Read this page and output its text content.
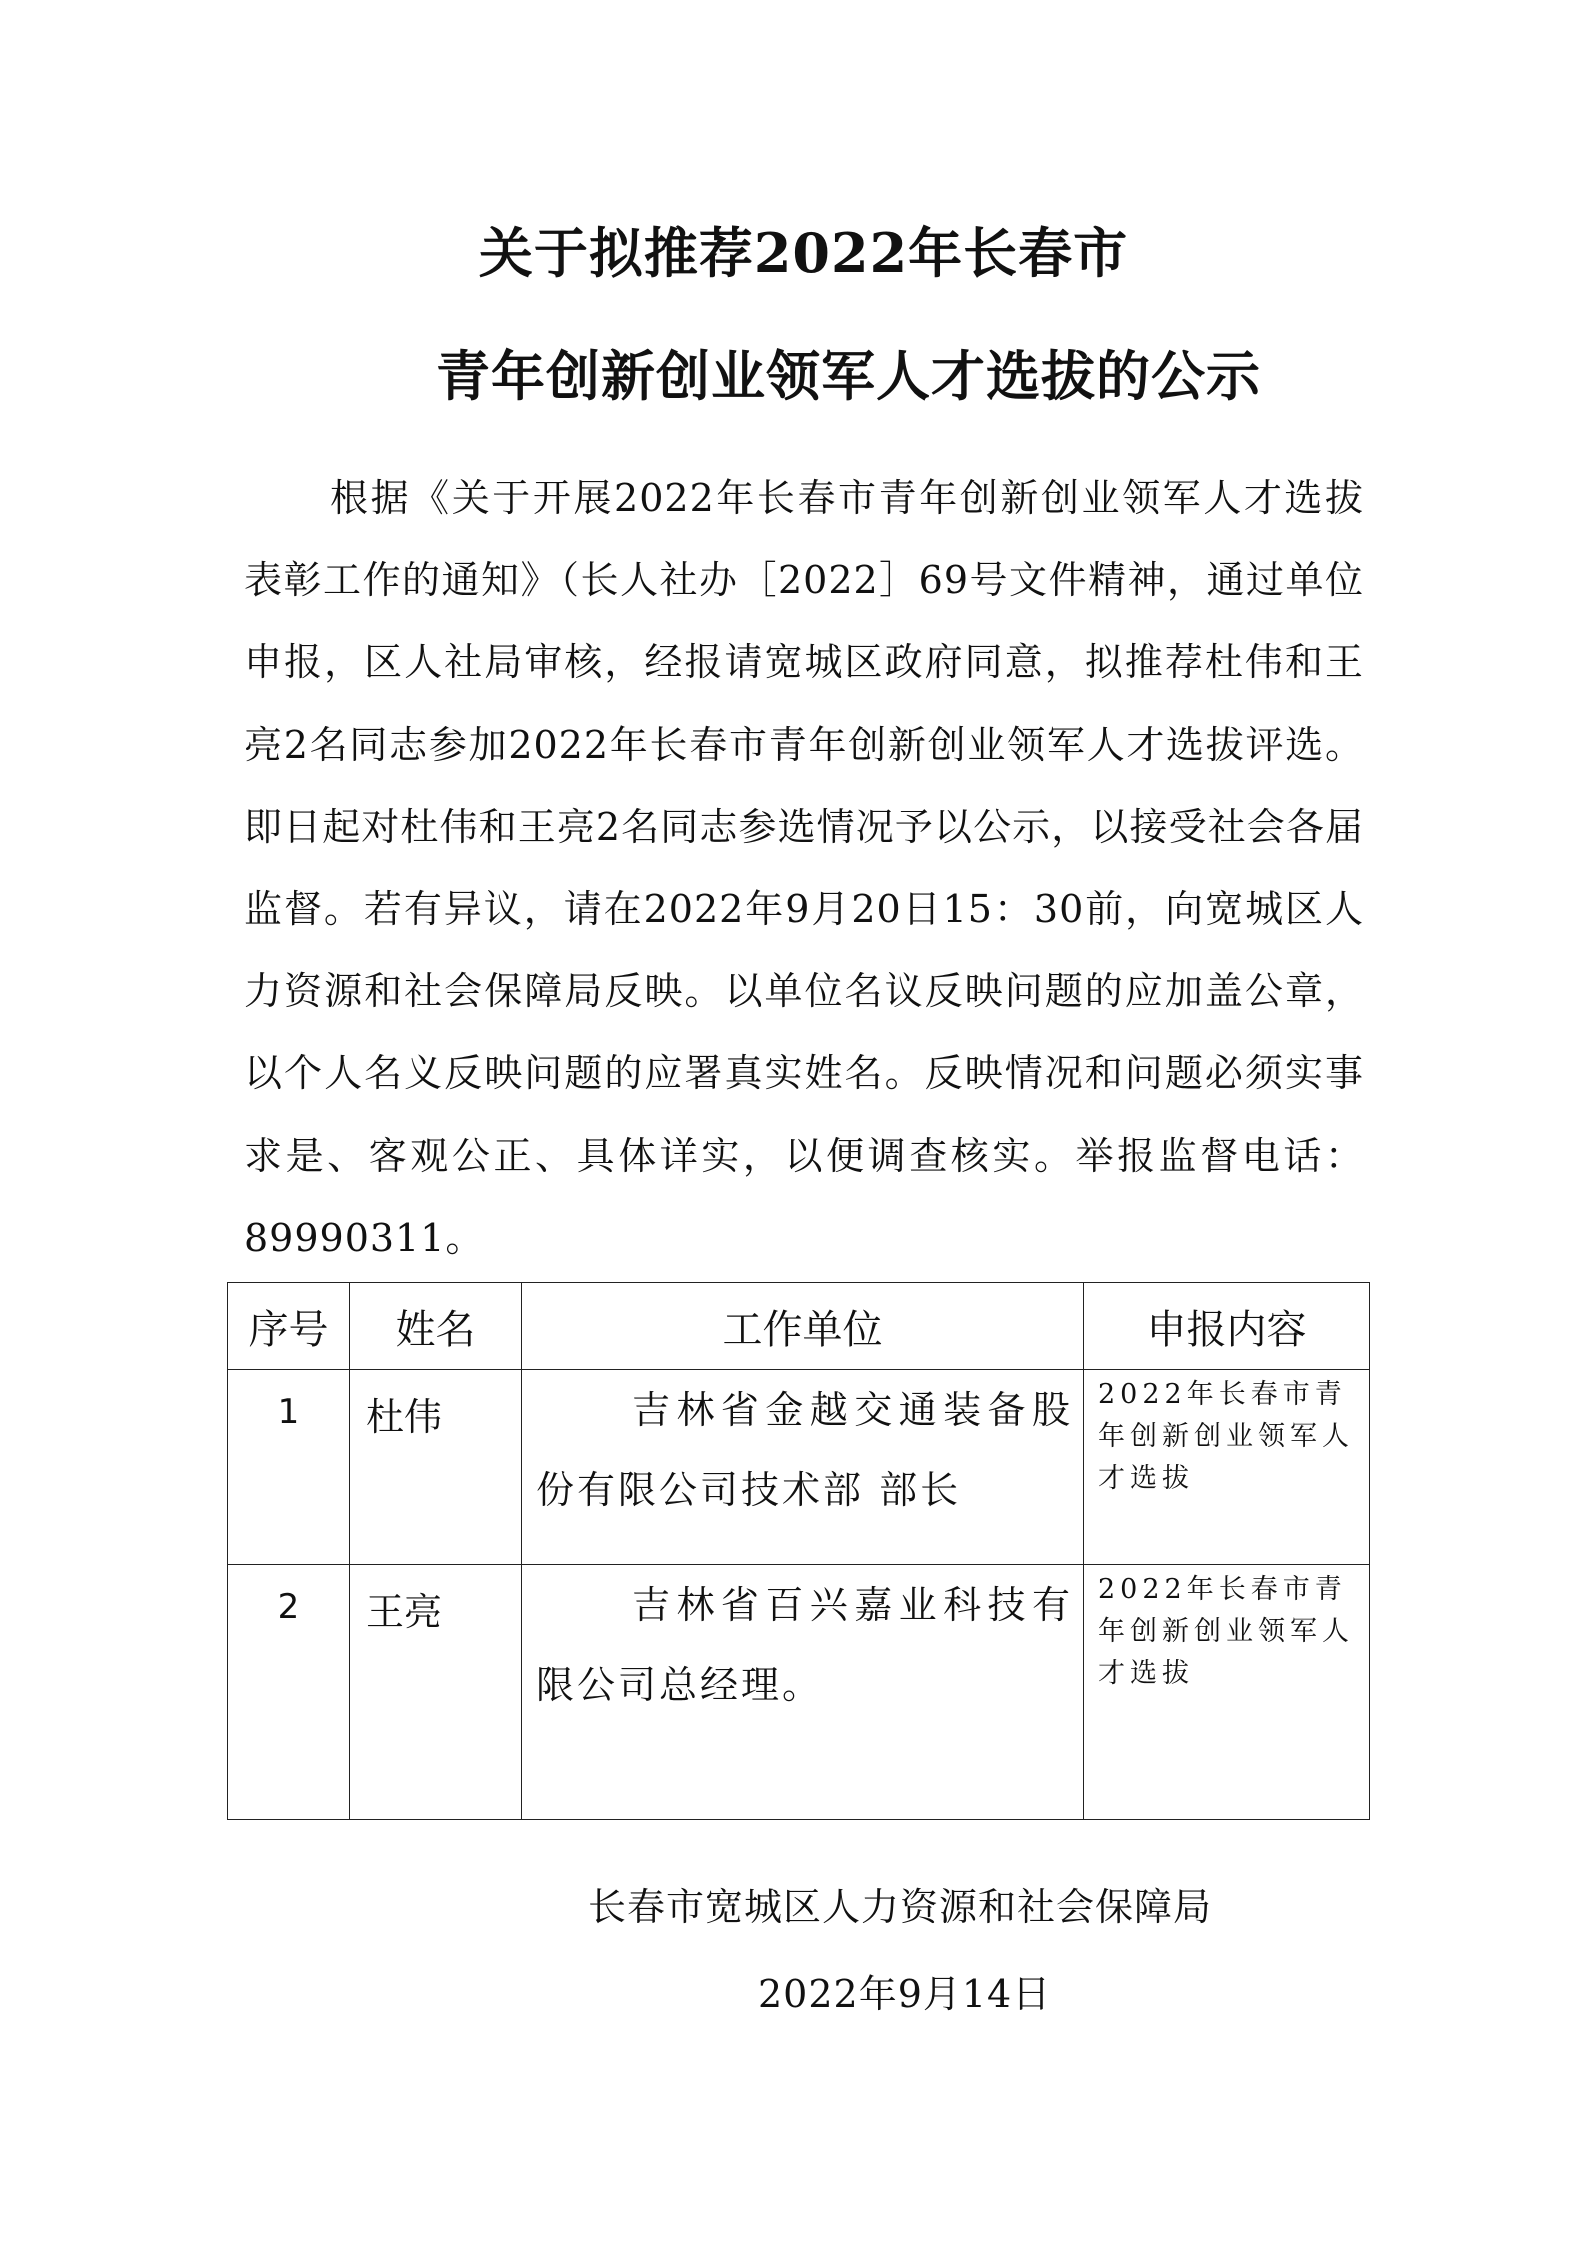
关于拟推荐2022年长春市
青年创新创业领军人才选拔的公示

根据《关于开展2022年长春市青年创新创业领军人才选拔表彰工作的通知》（长人社办［2022］69号文件精神，通过单位申报，区人社局审核，经报请宽城区政府同意，拟推荐杜伟和王亮2名同志参加2022年长春市青年创新创业领军人才选拔评选。即日起对杜伟和王亮2名同志参选情况予以公示，以接受社会各届监督。若有异议，请在2022年9月20日15：30前，向宽城区人力资源和社会保障局反映。以单位名议反映问题的应加盖公章，以个人名义反映问题的应署真实姓名。反映情况和问题必须实事求是、客观公正、具体详实，以便调查核实。举报监督电话：89990311。

序号	姓名	工作单位	申报内容
1	杜伟	吉林省金越交通装备股份有限公司技术部 部长	2022年长春市青年创新创业领军人才选拔
2	王亮	吉林省百兴嘉业科技有限公司总经理。	2022年长春市青年创新创业领军人才选拔

长春市宽城区人力资源和社会保障局

2022年9月14日
